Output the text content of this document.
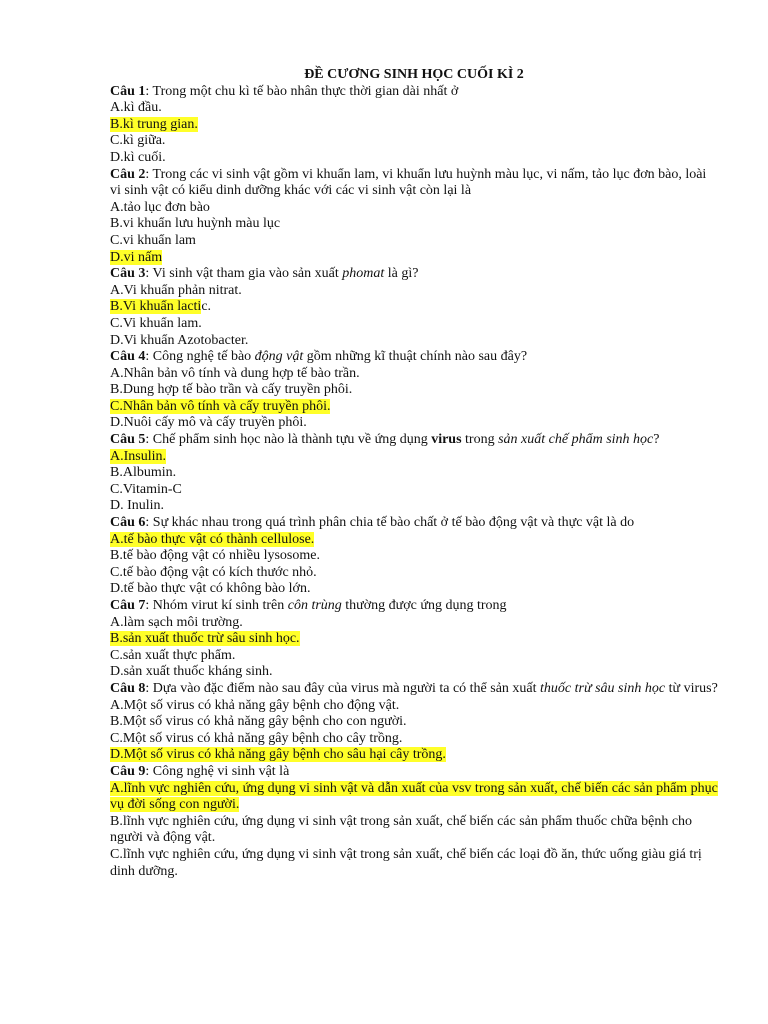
ĐỀ CƯƠNG SINH HỌC CUỐI KÌ 2
Câu 1: Trong một chu kì tế bào nhân thực thời gian dài nhất ở
A.kì đầu.
B.kì trung gian.
C.kì giữa.
D.kì cuối.
Câu 2: Trong các vi sinh vật gồm vi khuẩn lam, vi khuẩn lưu huỳnh màu lục, vi nấm, tảo lục đơn bào, loài vi sinh vật có kiểu dinh dưỡng khác với các vi sinh vật còn lại là
A.tảo lục đơn bào
B.vi khuẩn lưu huỳnh màu lục
C.vi khuẩn lam
D.vi nấm
Câu 3: Vi sinh vật tham gia vào sản xuất phomat là gì?
A.Vi khuẩn phản nitrat.
B.Vi khuẩn lactic.
C.Vi khuẩn lam.
D.Vi khuẩn Azotobacter.
Câu 4: Công nghệ tế bào động vật gồm những kĩ thuật chính nào sau đây?
A.Nhân bản vô tính và dung hợp tế bào trần.
B.Dung hợp tế bào trần và cấy truyền phôi.
C.Nhân bản vô tính và cấy truyền phôi.
D.Nuôi cấy mô và cấy truyền phôi.
Câu 5: Chế phẩm sinh học nào là thành tựu về ứng dụng virus trong sản xuất chế phẩm sinh học?
A.Insulin.
B.Albumin.
C.Vitamin-C
D. Inulin.
Câu 6: Sự khác nhau trong quá trình phân chia tế bào chất ở tế bào động vật và thực vật là do
A.tế bào thực vật có thành cellulose.
B.tế bào động vật có nhiều lysosome.
C.tế bào động vật có kích thước nhỏ.
D.tế bào thực vật có không bào lớn.
Câu 7: Nhóm virut kí sinh trên côn trùng thường được ứng dụng trong
A.làm sạch môi trường.
B.sản xuất thuốc trừ sâu sinh học.
C.sản xuất thực phẩm.
D.sản xuất thuốc kháng sinh.
Câu 8: Dựa vào đặc điểm nào sau đây của virus mà người ta có thể sản xuất thuốc trừ sâu sinh học từ virus?
A.Một số virus có khả năng gây bệnh cho động vật.
B.Một số virus có khả năng gây bệnh cho con người.
C.Một số virus có khả năng gây bệnh cho cây trồng.
D.Một số virus có khả năng gây bệnh cho sâu hại cây trồng.
Câu 9: Công nghệ vi sinh vật là
A.lĩnh vực nghiên cứu, ứng dụng vi sinh vật và dẫn xuất của vsv trong sản xuất, chế biến các sản phẩm phục vụ đời sống con người.
B.lĩnh vực nghiên cứu, ứng dụng vi sinh vật trong sản xuất, chế biến các sản phẩm thuốc chữa bệnh cho người và động vật.
C.lĩnh vực nghiên cứu, ứng dụng vi sinh vật trong sản xuất, chế biến các loại đồ ăn, thức uống giàu giá trị dinh dưỡng.
